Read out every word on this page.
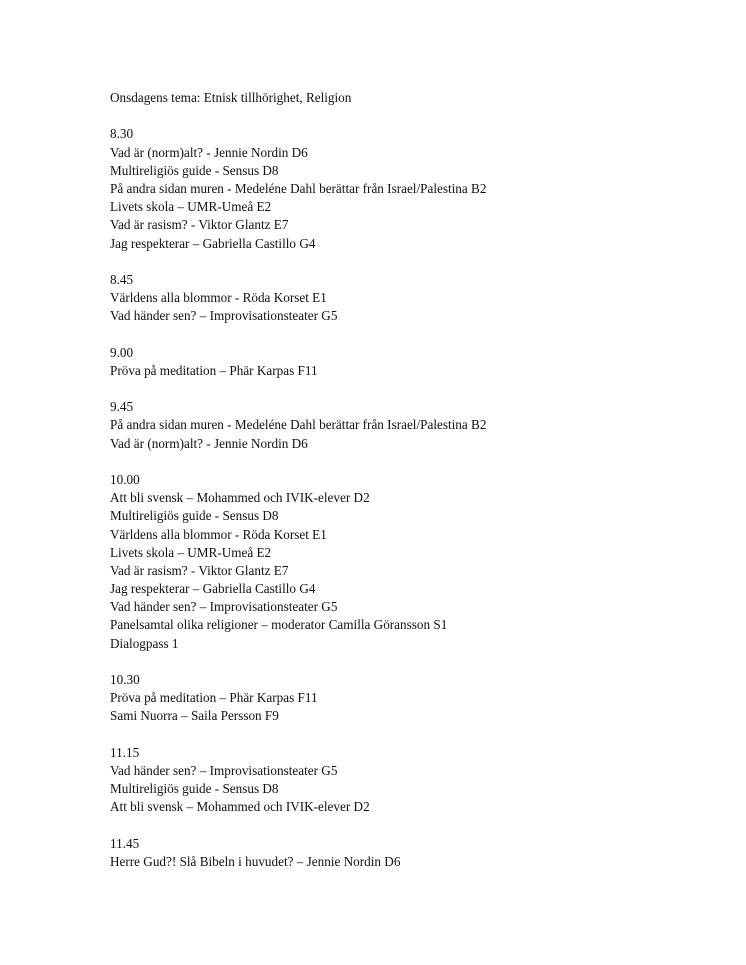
Onsdagens tema: Etnisk tillhörighet, Religion
8.30
Vad är (norm)alt? - Jennie Nordin D6
Multireligiös guide - Sensus D8
På andra sidan muren - Medeléne Dahl berättar från Israel/Palestina B2
Livets skola – UMR-Umeå E2
Vad är rasism? - Viktor Glantz E7
Jag respekterar – Gabriella Castillo G4
8.45
Världens alla blommor - Röda Korset E1
Vad händer sen? – Improvisationsteater G5
9.00
Pröva på meditation – Phär Karpas F11
9.45
På andra sidan muren - Medeléne Dahl berättar från Israel/Palestina B2
Vad är (norm)alt? - Jennie Nordin D6
10.00
Att bli svensk – Mohammed och IVIK-elever D2
Multireligiös guide - Sensus D8
Världens alla blommor - Röda Korset E1
Livets skola – UMR-Umeå E2
Vad är rasism? - Viktor Glantz E7
Jag respekterar – Gabriella Castillo G4
Vad händer sen? – Improvisationsteater G5
Panelsamtal olika religioner – moderator Camilla Göransson S1
Dialogpass 1
10.30
Pröva på meditation – Phär Karpas F11
Sami Nuorra – Saila Persson F9
11.15
Vad händer sen? – Improvisationsteater G5
Multireligiös guide - Sensus D8
Att bli svensk – Mohammed och IVIK-elever D2
11.45
Herre Gud?! Slå Bibeln i huvudet? – Jennie Nordin D6
